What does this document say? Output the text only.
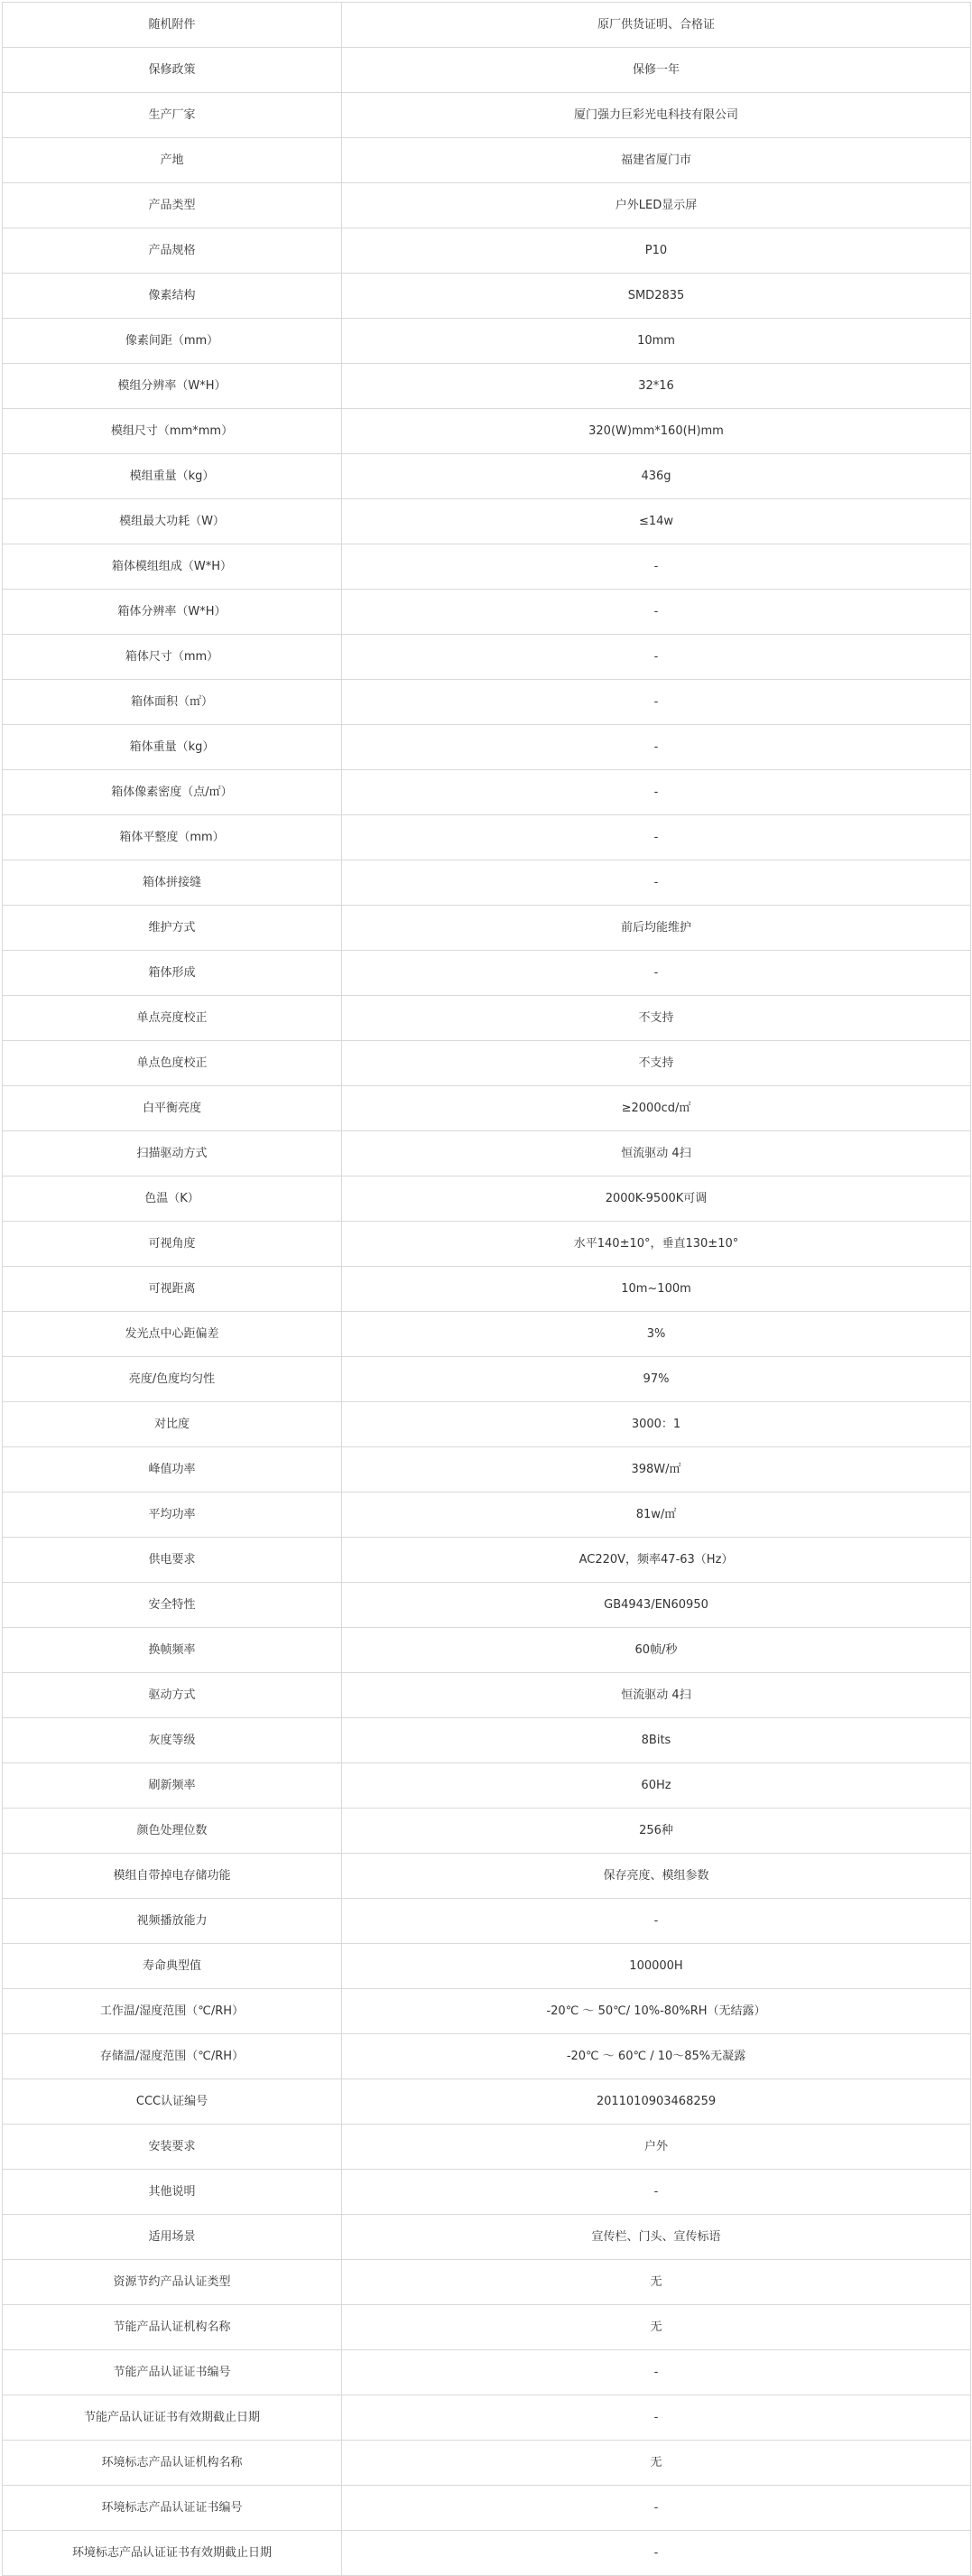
随机附件	原厂供货证明、合格证
保修政策	保修一年
生产厂家	厦门强力巨彩光电科技有限公司
产地	福建省厦门市
产品类型	户外LED显示屏
产品规格	P10
像素结构	SMD2835
像素间距（mm）	10mm
模组分辨率（W*H）	32*16
模组尺寸（mm*mm）	320(W)mm*160(H)mm
模组重量（kg）	436g
模组最大功耗（W）	≤14w
箱体模组组成（W*H）	-
箱体分辨率（W*H）	-
箱体尺寸（mm）	-
箱体面积（㎡）	-
箱体重量（kg）	-
箱体像素密度（点/㎡）	-
箱体平整度（mm）	-
箱体拼接缝	-
维护方式	前后均能维护
箱体形成	-
单点亮度校正	不支持
单点色度校正	不支持
白平衡亮度	≥2000cd/㎡
扫描驱动方式	恒流驱动 4扫
色温（K）	2000K-9500K可调
可视角度	水平140±10°，垂直130±10°
可视距离	10m~100m
发光点中心距偏差	3%
亮度/色度均匀性	97%
对比度	3000：1
峰值功率	398W/㎡
平均功率	81w/㎡
供电要求	AC220V，频率47-63（Hz）
安全特性	GB4943/EN60950
换帧频率	60帧/秒
驱动方式	恒流驱动 4扫
灰度等级	8Bits
刷新频率	60Hz
颜色处理位数	256种
模组自带掉电存储功能	保存亮度、模组参数
视频播放能力	-
寿命典型值	100000H
工作温/湿度范围（℃/RH）	-20℃ ～ 50℃/ 10%-80%RH（无结露）
存储温/湿度范围（℃/RH）	-20℃ ～ 60℃ / 10～85%无凝露
CCC认证编号	2011010903468259
安装要求	户外
其他说明	-
适用场景	宣传栏、门头、宣传标语
资源节约产品认证类型	无
节能产品认证机构名称	无
节能产品认证证书编号	-
节能产品认证证书有效期截止日期	-
环境标志产品认证机构名称	无
环境标志产品认证证书编号	-
环境标志产品认证证书有效期截止日期	-
